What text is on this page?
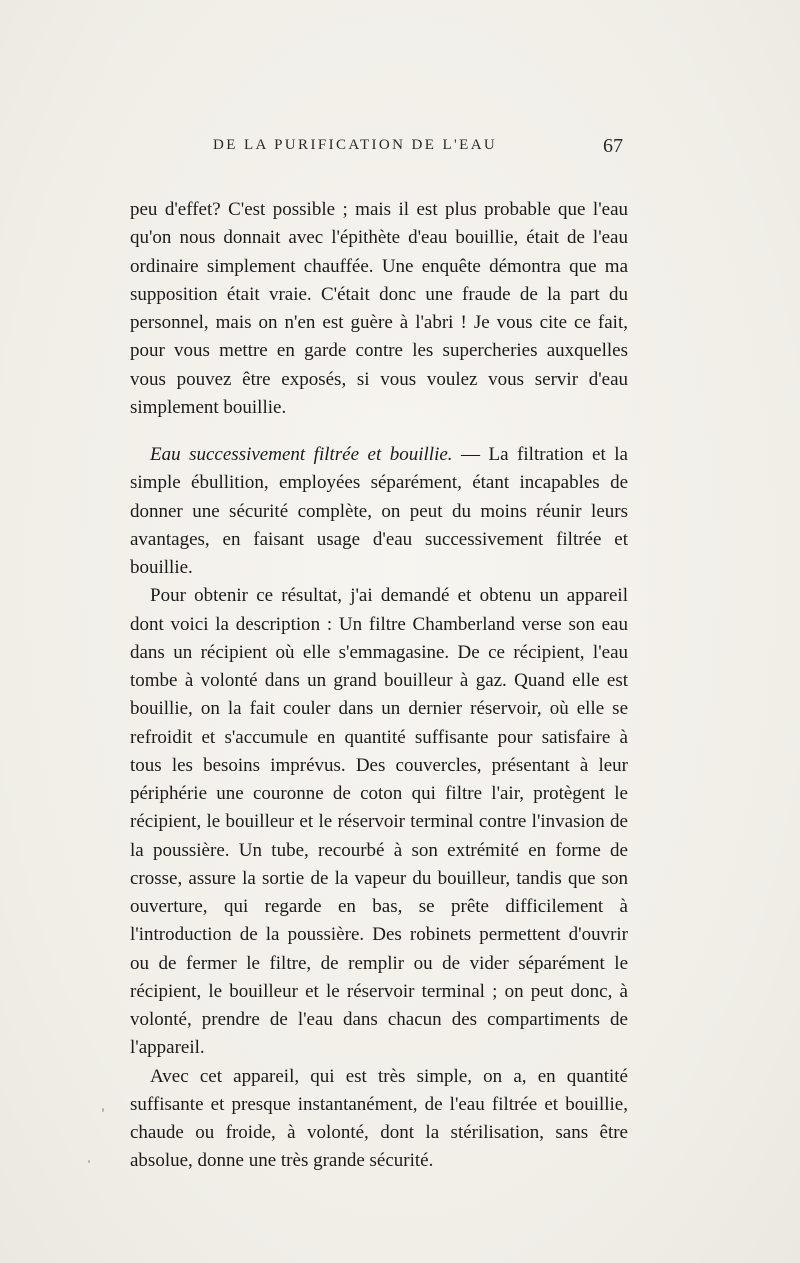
DE LA PURIFICATION DE L'EAU	67

peu d'effet? C'est possible ; mais il est plus probable que l'eau qu'on nous donnait avec l'épithète d'eau bouillie, était de l'eau ordinaire simplement chauffée. Une enquête démontra que ma supposition était vraie. C'était donc une fraude de la part du personnel, mais on n'en est guère à l'abri ! Je vous cite ce fait, pour vous mettre en garde contre les supercheries auxquelles vous pouvez être exposés, si vous voulez vous servir d'eau simplement bouillie.

Eau successivement filtrée et bouillie. — La filtration et la simple ébullition, employées séparément, étant incapables de donner une sécurité complète, on peut du moins réunir leurs avantages, en faisant usage d'eau successivement filtrée et bouillie.

Pour obtenir ce résultat, j'ai demandé et obtenu un appareil dont voici la description : Un filtre Chamberland verse son eau dans un récipient où elle s'emmagasine. De ce récipient, l'eau tombe à volonté dans un grand bouilleur à gaz. Quand elle est bouillie, on la fait couler dans un dernier réservoir, où elle se refroidit et s'accumule en quantité suffisante pour satisfaire à tous les besoins imprévus. Des couvercles, présentant à leur périphérie une couronne de coton qui filtre l'air, protègent le récipient, le bouilleur et le réservoir terminal contre l'invasion de la poussière. Un tube, recourbé à son extrémité en forme de crosse, assure la sortie de la vapeur du bouilleur, tandis que son ouverture, qui regarde en bas, se prête difficilement à l'introduction de la poussière. Des robinets permettent d'ouvrir ou de fermer le filtre, de remplir ou de vider séparément le récipient, le bouilleur et le réservoir terminal ; on peut donc, à volonté, prendre de l'eau dans chacun des compartiments de l'appareil.

Avec cet appareil, qui est très simple, on a, en quantité suffisante et presque instantanément, de l'eau filtrée et bouillie, chaude ou froide, à volonté, dont la stérilisation, sans être absolue, donne une très grande sécurité.
